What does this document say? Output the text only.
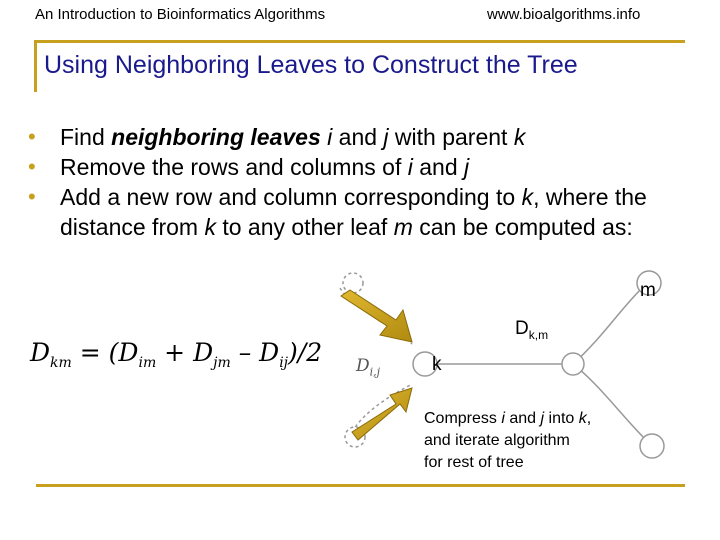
An Introduction to Bioinformatics Algorithms	www.bioalgorithms.info
Using Neighboring Leaves to Construct the Tree
• Find neighboring leaves i and j with parent k
• Remove the rows and columns of i and j
• Add a new row and column corresponding to k, where the distance from k to any other leaf m can be computed as:
$D_{km} = (D_{im} + D_{jm} - D_{ij})/2$ $D_{i,j}$	k
m
$D_{k,m}$
Compress i and j into k,
and iterate algorithm
for rest of tree
